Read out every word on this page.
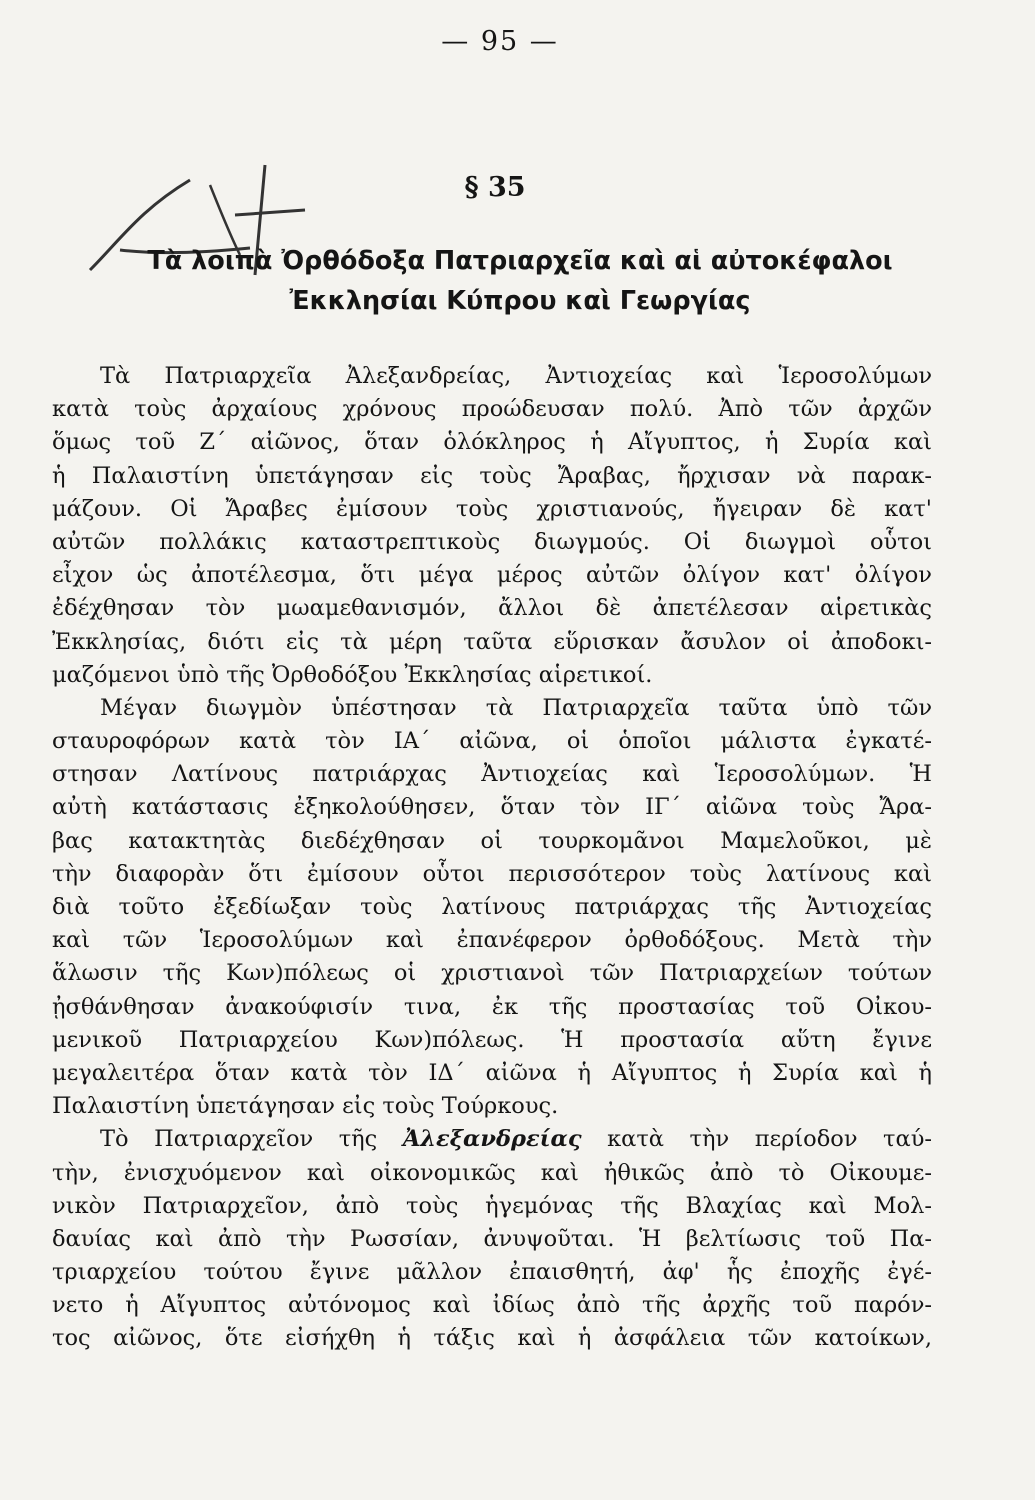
— 95 —
§ 35
Τὰ λοιπὰ Ὀρθόδοξα Πατριαρχεῖα καὶ αἱ αὐτοκέφαλοι
Ἐκκλησίαι Κύπρου καὶ Γεωργίας
Τὰ Πατριαρχεῖα Ἀλεξανδρείας, Ἀντιοχείας καὶ Ἱεροσολύμων
κατὰ τοὺς ἀρχαίους χρόνους προώδευσαν πολύ. Ἀπὸ τῶν ἀρχῶν
ὅμως τοῦ Ζ΄ αἰῶνος, ὅταν ὁλόκληρος ἡ Αἴγυπτος, ἡ Συρία καὶ
ἡ Παλαιστίνη ὑπετάγησαν εἰς τοὺς Ἄραβας, ἤρχισαν νὰ παρακ-
μάζουν. Οἱ Ἄραβες ἐμίσουν τοὺς χριστιανούς, ἤγειραν δὲ κατ'
αὐτῶν πολλάκις καταστρεπτικοὺς διωγμούς. Οἱ διωγμοὶ οὗτοι
εἶχον ὡς ἀποτέλεσμα, ὅτι μέγα μέρος αὐτῶν ὀλίγον κατ' ὀλίγον
ἐδέχθησαν τὸν μωαμεθανισμόν, ἄλλοι δὲ ἀπετέλεσαν αἱρετικὰς
Ἐκκλησίας, διότι εἰς τὰ μέρη ταῦτα εὕρισκαν ἄσυλον οἱ ἀποδοκι-
μαζόμενοι ὑπὸ τῆς Ὀρθοδόξου Ἐκκλησίας αἱρετικοί.
Μέγαν διωγμὸν ὑπέστησαν τὰ Πατριαρχεῖα ταῦτα ὑπὸ τῶν
σταυροφόρων κατὰ τὸν ΙΑ΄ αἰῶνα, οἱ ὁποῖοι μάλιστα ἐγκατέ-
στησαν Λατίνους πατριάρχας Ἀντιοχείας καὶ Ἱεροσολύμων. Ἡ
αὐτὴ κατάστασις ἐξηκολούθησεν, ὅταν τὸν ΙΓ΄ αἰῶνα τοὺς Ἄρα-
βας κατακτητὰς διεδέχθησαν οἱ τουρκομᾶνοι Μαμελοῦκοι, μὲ
τὴν διαφορὰν ὅτι ἐμίσουν οὗτοι περισσότερον τοὺς λατίνους καὶ
διὰ τοῦτο ἐξεδίωξαν τοὺς λατίνους πατριάρχας τῆς Ἀντιοχείας
καὶ τῶν Ἱεροσολύμων καὶ ἐπανέφερον ὀρθοδόξους. Μετὰ τὴν
ἅλωσιν τῆς Κων)πόλεως οἱ χριστιανοὶ τῶν Πατριαρχείων τούτων
ᾐσθάνθησαν ἀνακούφισίν τινα, ἐκ τῆς προστασίας τοῦ Οἰκου-
μενικοῦ Πατριαρχείου Κων)πόλεως. Ἡ προστασία αὕτη ἔγινε
μεγαλειτέρα ὅταν κατὰ τὸν ΙΔ΄ αἰῶνα ἡ Αἴγυπτος ἡ Συρία καὶ ἡ
Παλαιστίνη ὑπετάγησαν εἰς τοὺς Τούρκους.
Τὸ Πατριαρχεῖον τῆς Ἀλεξανδρείας κατὰ τὴν περίοδον ταύ-
τὴν, ἐνισχυόμενον καὶ οἰκονομικῶς καὶ ἠθικῶς ἀπὸ τὸ Οἰκουμε-
νικὸν Πατριαρχεῖον, ἀπὸ τοὺς ἡγεμόνας τῆς Βλαχίας καὶ Μολ-
δαυίας καὶ ἀπὸ τὴν Ρωσσίαν, ἀνυψοῦται. Ἡ βελτίωσις τοῦ Πα-
τριαρχείου τούτου ἔγινε μᾶλλον ἐπαισθητή, ἀφ' ἧς ἐποχῆς ἐγέ-
νετο ἡ Αἴγυπτος αὐτόνομος καὶ ἰδίως ἀπὸ τῆς ἀρχῆς τοῦ παρόν-
τος αἰῶνος, ὅτε εἰσήχθη ἡ τάξις καὶ ἡ ἀσφάλεια τῶν κατοίκων,
